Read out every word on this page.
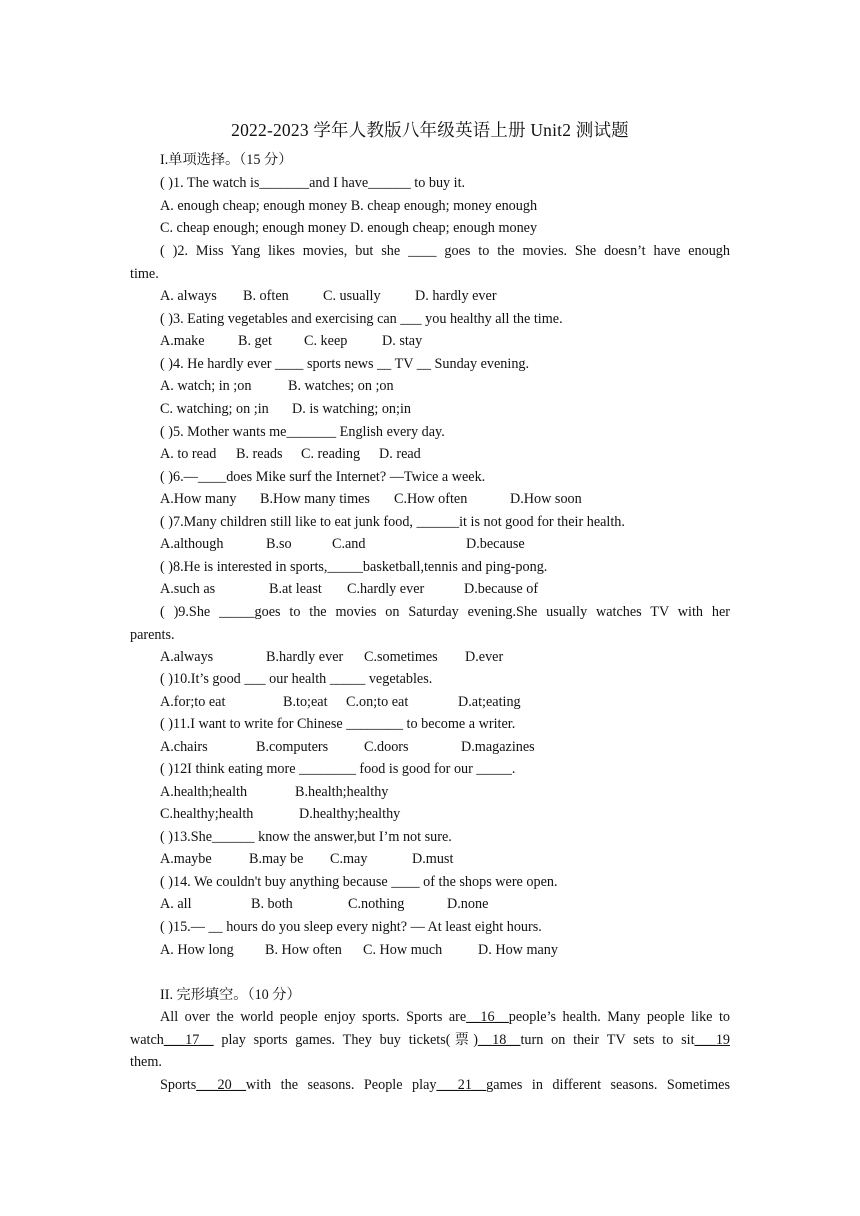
2022-2023 学年人教版八年级英语上册 Unit2 测试题
I.单项选择。（15 分）
( )1. The watch is_______and I have______ to buy it.
A. enough cheap; enough money B. cheap enough; money enough
C. cheap enough; enough money D. enough cheap; enough money
( )2. Miss Yang likes movies, but she ____ goes to the movies. She doesn’t have enough
time.
A. always B. often C. usually D. hardly ever
( )3. Eating vegetables and exercising can ___ you healthy all the time.
A.make B. get C. keep D. stay
( )4. He hardly ever ____ sports news __ TV __ Sunday evening.
A. watch; in ;on	B. watches; on ;on
C. watching; on ;in D. is watching; on;in
( )5. Mother wants me_______ English every day.
A. to read B. reads C. reading D. read
( )6.—____does Mike surf the Internet? —Twice a week.
A.How many B.How many times C.How often	D.How soon
( )7.Many children still like to eat junk food, ______it is not good for their health.
A.although	B.so	C.and	D.because
( )8.He is interested in sports,_____basketball,tennis and ping-pong.
A.such as	B.at least C.hardly ever	D.because of
( )9.She _____goes to the movies on Saturday evening.She usually watches TV with her
parents.
A.always	B.hardly ever C.sometimes D.ever
( )10.It’s good ___ our health _____ vegetables.
A.for;to eat	B.to;eat C.on;to eat	D.at;eating
( )11.I want to write for Chinese ________ to become a writer.
A.chairs	B.computers	C.doors	D.magazines
( )12I think eating more ________ food is good for our _____.
A.health;health	B.health;healthy
C.healthy;health	D.healthy;healthy
( )13.She______ know the answer,but I’m not sure.
A.maybe	B.may be C.may	D.must
( )14. We couldn't buy anything because ____ of the shops were open.
A. all	B. both	C.nothing	D.none
( )15.— __ hours do you sleep every night? — At least eight hours.
A. How long B. How often C. How much	D. How many
II. 完形填空。（10 分）
All over the world people enjoy sports. Sports are__16__people’s health. Many people like to
watch___17__ play sports games. They buy tickets(票)__18__turn on their TV sets to sit___19
them.
Sports___20__with the seasons. People play___21__games in different seasons. Sometimes
